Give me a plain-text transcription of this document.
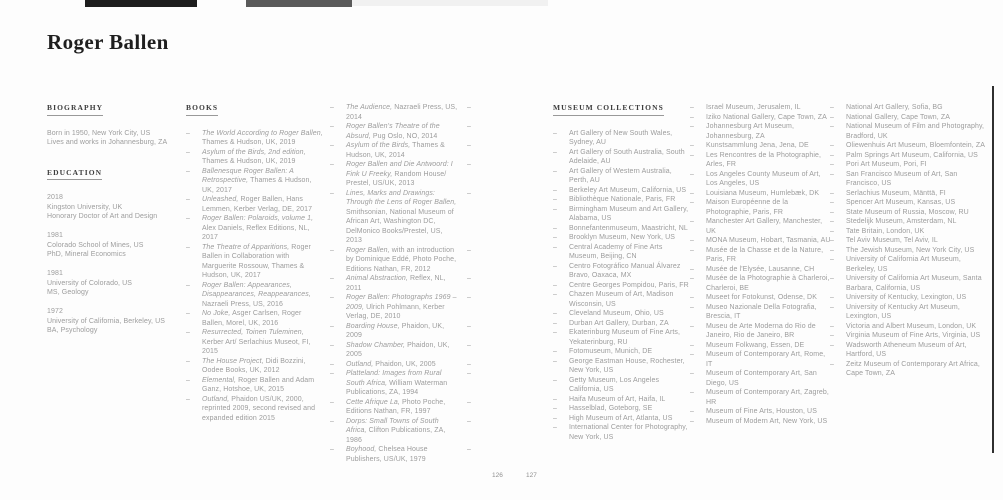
Roger Ballen
BIOGRAPHY
Born in 1950, New York City, US
Lives and works in Johannesburg, ZA
EDUCATION
2018
Kingston University, UK
Honorary Doctor of Art and Design
1981
Colorado School of Mines, US
PhD, Mineral Economics
1981
University of Colorado, US
MS, Geology
1972
University of California, Berkeley, US
BA, Psychology
BOOKS
– The World According to Roger Ballen, Thames & Hudson, UK, 2019
– Asylum of the Birds, 2nd edition, Thames & Hudson, UK, 2019
– Ballenesque Roger Ballen: A Retrospective, Thames & Hudson, UK, 2017
– Unleashed, Roger Ballen, Hans Lemmen, Kerber Verlag, DE, 2017
– Roger Ballen: Polaroids, volume 1, Alex Daniels, Reflex Editions, NL, 2017
– The Theatre of Apparitions, Roger Ballen in Collaboration with Marguerite Rossouw, Thames & Hudson, UK, 2017
– Roger Ballen: Appearances, Disappearances, Reappearances, Nazraeli Press, US, 2016
– No Joke, Asger Carlsen, Roger Ballen, Morel, UK, 2016
– Resurrected, Toinen Tuleminen, Kerber Art/ Serlachius Museot, FI, 2015
– The House Project, Didi Bozzini, Oodee Books, UK, 2012
– Elemental, Roger Ballen and Adam Ganz, Hotshoe, UK, 2015
– Outland, Phaidon US/UK, 2000, reprinted 2009, second revised and expanded edition 2015
– The Audience, Nazraeli Press, US, 2014 –
– Roger Ballen's Theatre of the Absurd, Pug Oslo, NO, 2014 –
– Asylum of the Birds, Thames & Hudson, UK, 2014 –
– Roger Ballen and Die Antwoord: I Fink U Freeky, Random House/ Prestel, US/UK, 2013 –
– Lines, Marks and Drawings: Through the Lens of Roger Ballen, Smithsonian, National Museum of African Art, Washington DC, DelMonico Books/Prestel, US, 2013 –
– Roger Ballen, with an introduction by Dominique Eddé, Photo Poche, Editions Nathan, FR, 2012 –
– Animal Abstraction, Reflex, NL, 2011 –
– Roger Ballen: Photographs 1969 – 2009, Ulrich Pohlmann, Kerber Verlag, DE, 2010 –
– Boarding House, Phaidon, UK, 2009 –
– Shadow Chamber, Phaidon, UK, 2005 –
– Outland, Phaidon, UK, 2005 –
– Platteland: Images from Rural South Africa, William Waterman Publications, ZA, 1994 –
– Cette Afrique La, Photo Poche, Editions Nathan, FR, 1997 –
– Dorps: Small Towns of South Africa, Clifton Publications, ZA, 1986 –
– Boyhood, Chelsea House Publishers, US/UK, 1979 –
MUSEUM COLLECTIONS
– Art Gallery of New South Wales, Sydney, AU
– Art Gallery of South Australia, South Adelaide, AU
– Art Gallery of Western Australia, Perth, AU
– Berkeley Art Museum, California, US
– Bibliothèque Nationale, Paris, FR
– Birmingham Museum and Art Gallery, Alabama, US
– Bonnefantenmuseum, Maastricht, NL
– Brooklyn Museum, New York, US
– Central Academy of Fine Arts Museum, Beijing, CN
– Centro Fotográfico Manual Álvarez Bravo, Oaxaca, MX
– Centre Georges Pompidou, Paris, FR
– Chazen Museum of Art, Madison Wisconsin, US
– Cleveland Museum, Ohio, US
– Durban Art Gallery, Durban, ZA
– Ekaterinburg Museum of Fine Arts, Yekaterinburg, RU
– Fotomuseum, Munich, DE
– George Eastman House, Rochester, New York, US
– Getty Museum, Los Angeles California, US
– Haifa Museum of Art, Haifa, IL
– Hasselblad, Goteborg, SE
– High Museum of Art, Atlanta, US
– International Center for Photography, New York, US
– Israel Museum, Jerusalem, IL
– Iziko National Gallery, Cape Town, ZA
– Johannesburg Art Museum, Johannesburg, ZA
– Kunstsammlung Jena, Jena, DE
– Les Rencontres de la Photographie, Arles, FR
– Los Angeles County Museum of Art, Los Angeles, US
– Louisiana Museum, Humlebæk, DK
– Maison Européenne de la Photographie, Paris, FR
– Manchester Art Gallery, Manchester, UK
– MONA Museum, Hobart, Tasmania, AU
– Musée de la Chasse et de la Nature, Paris, FR
– Musée de l'Elysée, Lausanne, CH
– Musée de la Photographie à Charleroi, Charleroi, BE
– Museet for Fotokunst, Odense, DK
– Museo Nazionale Della Fotografia, Brescia, IT
– Museu de Arte Moderna do Rio de Janeiro, Rio de Janeiro, BR
– Museum Folkwang, Essen, DE
– Museum of Contemporary Art, Rome, IT
– Museum of Contemporary Art, San Diego, US
– Museum of Contemporary Art, Zagreb, HR
– Museum of Fine Arts, Houston, US
– Museum of Modern Art, New York, US
– National Art Gallery, Sofia, BG
– National Gallery, Cape Town, ZA
– National Museum of Film and Photography, Bradford, UK
– Oliewenhuis Art Museum, Bloemfontein, ZA
– Palm Springs Art Museum, California, US
– Pori Art Museum, Pori, FI
– San Francisco Museum of Art, San Francisco, US
– Serlachius Museum, Mänttä, FI
– Spencer Art Museum, Kansas, US
– State Museum of Russia, Moscow, RU
– Stedelijk Museum, Amsterdam, NL
– Tate Britain, London, UK
– Tel Aviv Museum, Tel Aviv, IL
– The Jewish Museum, New York City, US
– University of California Art Museum, Berkeley, US
– University of California Art Museum, Santa Barbara, California, US
– University of Kentucky, Lexington, US
– University of Kentucky Art Museum, Lexington, US
– Victoria and Albert Museum, London, UK
– Virginia Museum of Fine Arts, Virginia, US
– Wadsworth Atheneum Museum of Art, Hartford, US
– Zeitz Museum of Contemporary Art Africa, Cape Town, ZA
126	127
